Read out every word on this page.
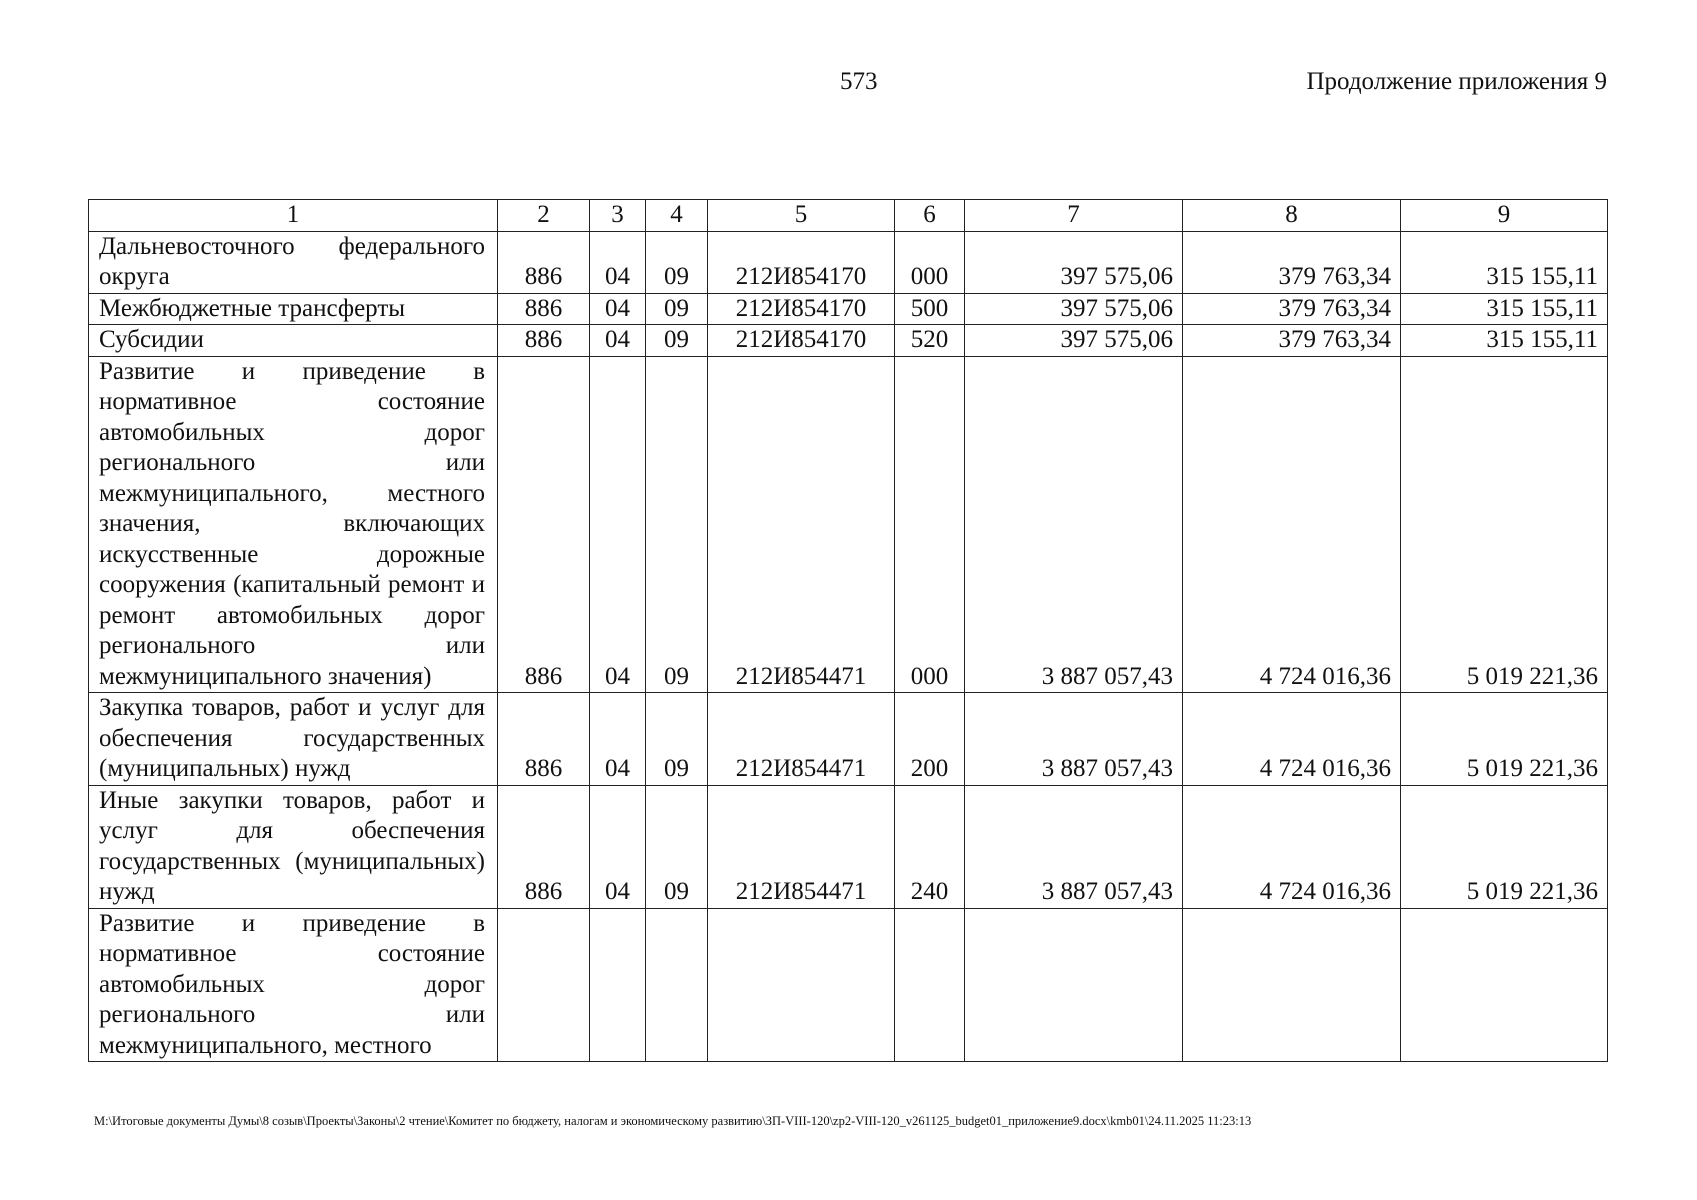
573	Продолжение приложения 9
1	2	3	4	5	6	7	8	9
Дальневосточного федерального округа	886	04	09	212И854170	000	397 575,06	379 763,34	315 155,11
Межбюджетные трансферты	886	04	09	212И854170	500	397 575,06	379 763,34	315 155,11
Субсидии	886	04	09	212И854170	520	397 575,06	379 763,34	315 155,11
Развитие и приведение в нормативное состояние автомобильных дорог регионального или межмуниципального, местного значения, включающих искусственные дорожные сооружения (капитальный ремонт и ремонт автомобильных дорог регионального или межмуниципального значения)	886	04	09	212И854471	000	3 887 057,43	4 724 016,36	5 019 221,36
Закупка товаров, работ и услуг для обеспечения государственных (муниципальных) нужд	886	04	09	212И854471	200	3 887 057,43	4 724 016,36	5 019 221,36
Иные закупки товаров, работ и услуг для обеспечения государственных (муниципальных) нужд	886	04	09	212И854471	240	3 887 057,43	4 724 016,36	5 019 221,36
Развитие и приведение в нормативное состояние автомобильных дорог регионального или межмуниципального, местного								
M:\Итоговые документы Думы\8 созыв\Проекты\Законы\2 чтение\Комитет по бюджету, налогам и экономическому развитию\ЗП-VIII-120\zp2-VIII-120_v261125_budget01_приложение9.docx\kmb01\24.11.2025 11:23:13
